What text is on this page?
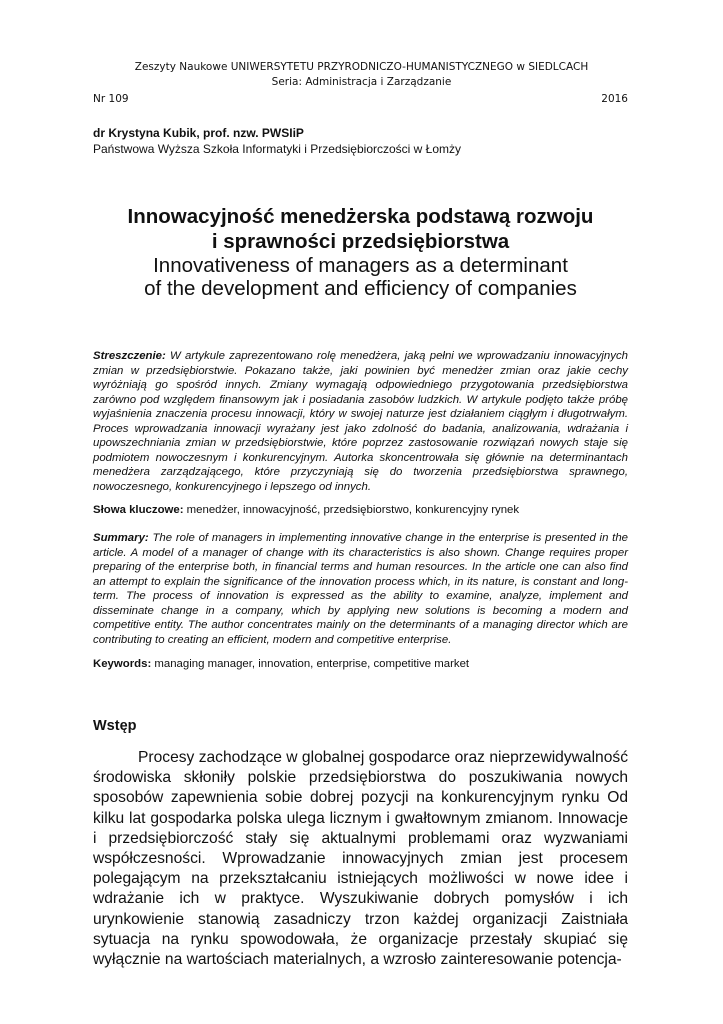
Zeszyty Naukowe UNIWERSYTETU PRZYRODNICZO-HUMANISTYCZNEGO w SIEDLCACH
Seria: Administracja i Zarządzanie
Nr 109	2016
dr Krystyna Kubik, prof. nzw. PWSIiP
Państwowa Wyższa Szkoła Informatyki i Przedsiębiorczości w Łomży
Innowacyjność menedżerska podstawą rozwoju
i sprawności przedsiębiorstwa
Innovativeness of managers as a determinant
of the development and efficiency of companies
Streszczenie: W artykule zaprezentowano rolę menedżera, jaką pełni we wprowadzaniu innowacyjnych zmian w przedsiębiorstwie. Pokazano także, jaki powinien być menedżer zmian oraz jakie cechy wyróżniają go spośród innych. Zmiany wymagają odpowiedniego przygotowania przedsiębiorstwa zarówno pod względem finansowym jak i posiadania zasobów ludzkich. W artykule podjęto także próbę wyjaśnienia znaczenia procesu innowacji, który w swojej naturze jest działaniem ciągłym i długotrwałym. Proces wprowadzania innowacji wyrażany jest jako zdolność do badania, analizowania, wdrażania i upowszechniania zmian w przedsiębiorstwie, które poprzez zastosowanie rozwiązań nowych staje się podmiotem nowoczesnym i konkurencyjnym. Autorka skoncentrowała się głównie na determinantach menedżera zarządzającego, które przyczyniają się do tworzenia przedsiębiorstwa sprawnego, nowoczesnego, konkurencyjnego i lepszego od innych.
Słowa kluczowe: menedżer, innowacyjność, przedsiębiorstwo, konkurencyjny rynek
Summary: The role of managers in implementing innovative change in the enterprise is presented in the article. A model of a manager of change with its characteristics is also shown. Change requires proper preparing of the enterprise both, in financial terms and human resources. In the article one can also find an attempt to explain the significance of the innovation process which, in its nature, is constant and long-term. The process of innovation is expressed as the ability to examine, analyze, implement and disseminate change in a company, which by applying new solutions is becoming a modern and competitive entity. The author concentrates mainly on the determinants of a managing director which are contributing to creating an efficient, modern and competitive enterprise.
Keywords: managing manager, innovation, enterprise, competitive market
Wstęp

Procesy zachodzące w globalnej gospodarce oraz nieprzewidywalność środowiska skłoniły polskie przedsiębiorstwa do poszukiwania nowych sposobów zapewnienia sobie dobrej pozycji na konkurencyjnym rynku Od kilku lat gospodarka polska ulega licznym i gwałtownym zmianom. Innowacje i przedsiębiorczość stały się aktualnymi problemami oraz wyzwaniami współczesności. Wprowadzanie innowacyjnych zmian jest procesem polegającym na przekształcaniu istniejących możliwości w nowe idee i wdrażanie ich w praktyce. Wyszukiwanie dobrych pomysłów i ich urynkowienie stanowią zasadniczy trzon każdej organizacji Zaistniała sytuacja na rynku spowodowała, że organizacje przestały skupiać się wyłącznie na wartościach materialnych, a wzrosło zainteresowanie potencja-
